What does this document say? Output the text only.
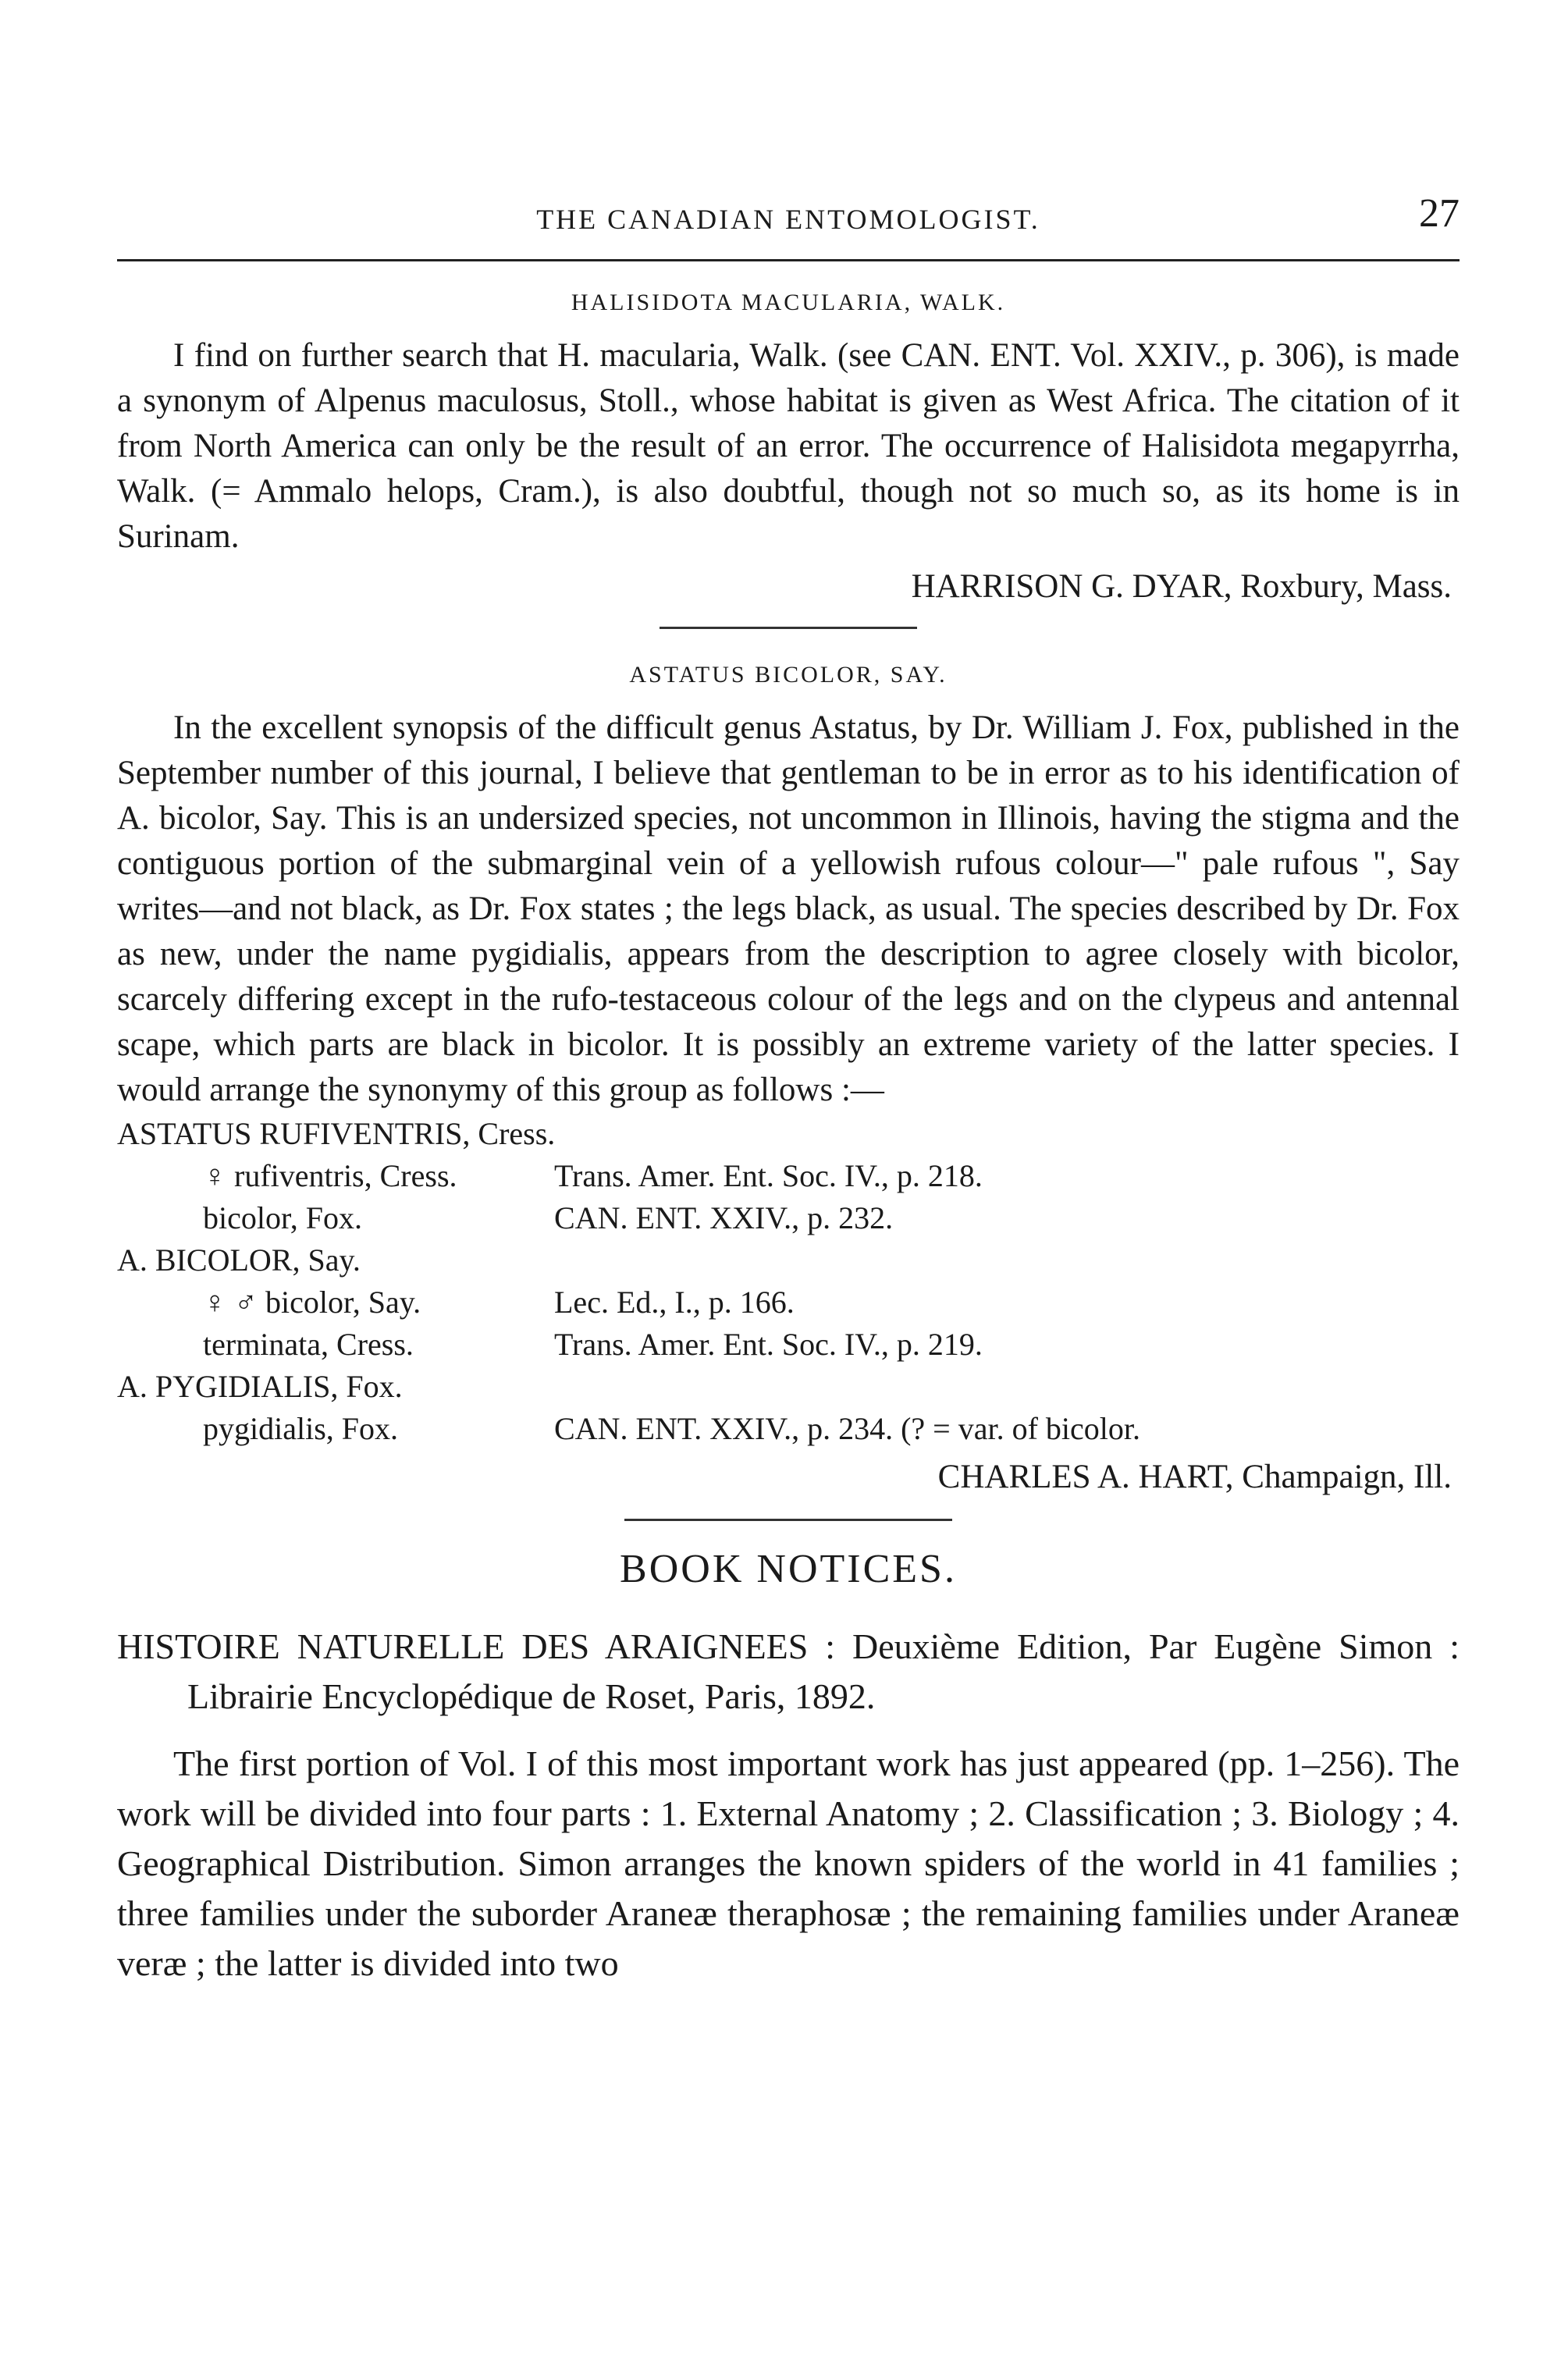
THE CANADIAN ENTOMOLOGIST.	27
HALISIDOTA MACULARIA, WALK.

I find on further search that H. macularia, Walk. (see CAN. ENT. Vol. XXIV., p. 306), is made a synonym of Alpenus maculosus, Stoll., whose habitat is given as West Africa. The citation of it from North America can only be the result of an error. The occurrence of Halisidota megapyrrha, Walk. (= Ammalo helops, Cram.), is also doubtful, though not so much so, as its home is in Surinam.

HARRISON G. DYAR, Roxbury, Mass.
ASTATUS BICOLOR, SAY.

In the excellent synopsis of the difficult genus Astatus, by Dr. William J. Fox, published in the September number of this journal, I believe that gentleman to be in error as to his identification of A. bicolor, Say. This is an undersized species, not uncommon in Illinois, having the stigma and the contiguous portion of the submarginal vein of a yellowish rufous colour—" pale rufous ", Say writes—and not black, as Dr. Fox states ; the legs black, as usual. The species described by Dr. Fox as new, under the name pygidialis, appears from the description to agree closely with bicolor, scarcely differing except in the rufo-testaceous colour of the legs and on the clypeus and antennal scape, which parts are black in bicolor. It is possibly an extreme variety of the latter species. I would arrange the synonymy of this group as follows :—

ASTATUS RUFIVENTRIS, Cress.
♀ rufiventris, Cress.	Trans. Amer. Ent. Soc. IV., p. 218.
bicolor, Fox.	CAN. ENT. XXIV., p. 232.
A. BICOLOR, Say.
♀ ♂ bicolor, Say.	Lec. Ed., I., p. 166.
terminata, Cress.	Trans. Amer. Ent. Soc. IV., p. 219.
A. PYGIDIALIS, Fox.
pygidialis, Fox.	CAN. ENT. XXIV., p. 234. (? = var. of bicolor.
CHARLES A. HART, Champaign, Ill.
BOOK NOTICES.

HISTOIRE NATURELLE DES ARAIGNEES : Deuxième Edition, Par Eugène Simon : Librairie Encyclopédique de Roset, Paris, 1892.

The first portion of Vol. I of this most important work has just appeared (pp. 1–256). The work will be divided into four parts : 1. External Anatomy ; 2. Classification ; 3. Biology ; 4. Geographical Distribution. Simon arranges the known spiders of the world in 41 families ; three families under the suborder Araneæ theraphosæ ; the remaining families under Araneæ veræ ; the latter is divided into two
